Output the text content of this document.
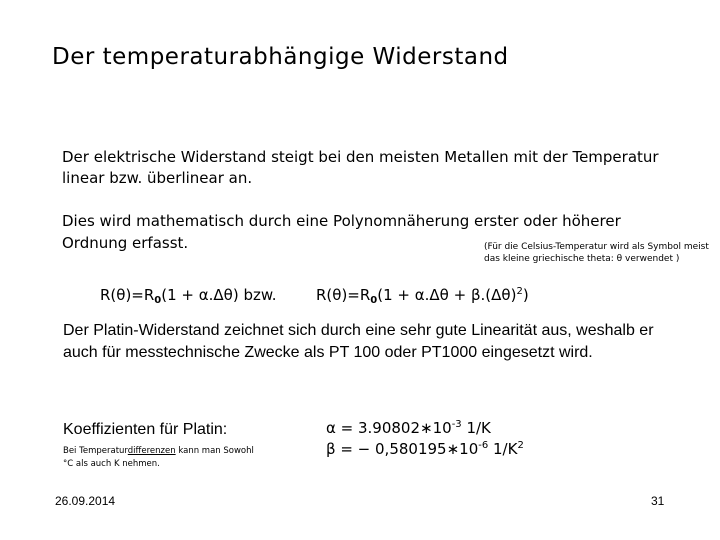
Der temperaturabhängige Widerstand
Der elektrische Widerstand steigt bei den meisten Metallen mit der Temperatur linear bzw. überlinear an.
Dies wird mathematisch durch eine Polynomnäherung erster oder höherer Ordnung erfasst.	(Für die Celsius-Temperatur wird als Symbol meist das kleine griechische theta: θ verwendet )
$R(\theta)=R_0(1 + \alpha.\Delta\theta)$ bzw.	$R(\theta)=R_0(1 + \alpha.\Delta\theta + \beta.(\Delta\theta)^2)$
Der Platin-Widerstand zeichnet sich durch eine sehr gute Linearität aus, weshalb er auch für messtechnische Zwecke als PT 100 oder PT1000 eingesetzt wird.
Koeffizienten für Platin:
Bei Temperaturdifferenzen kann man Sowohl °C als auch K nehmen.
$\alpha = 3.90802∗10^{-3}$ 1/K
β = − $0,580195∗10^{-6}$ $1/K^2$
26.09.2014	31
